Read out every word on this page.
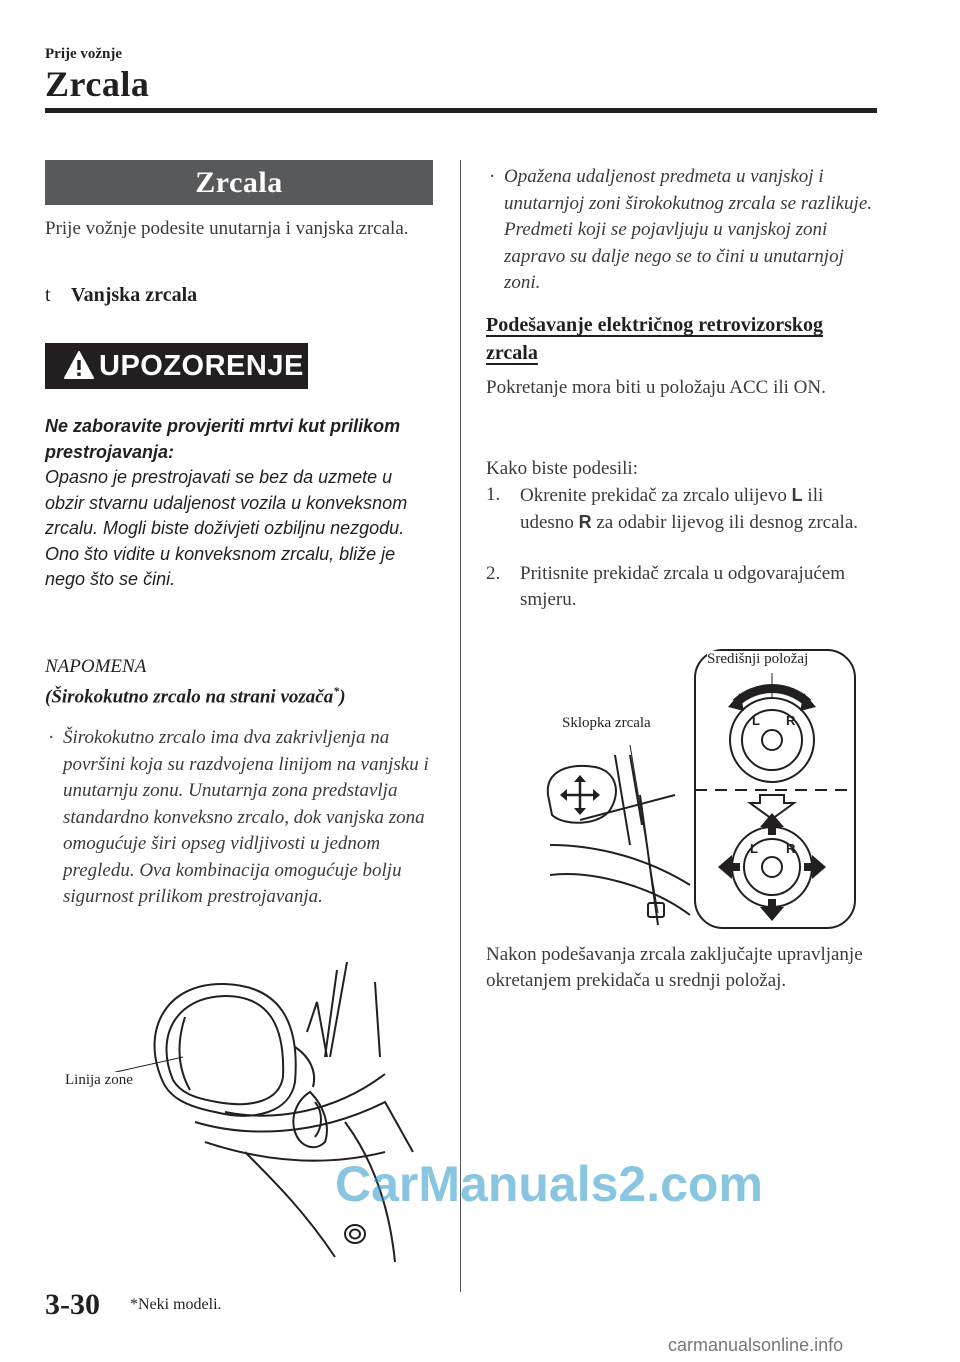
Prije vožnje
Zrcala
Zrcala
Prije vožnje podesite unutarnja i vanjska zrcala.
t Vanjska zrcala
UPOZORENJE
Ne zaboravite provjeriti mrtvi kut prilikom prestrojavanja:
Opasno je prestrojavati se bez da uzmete u obzir stvarnu udaljenost vozila u konveksnom zrcalu. Mogli biste doživjeti ozbiljnu nezgodu. Ono što vidite u konveksnom zrcalu, bliže je nego što se čini.
NAPOMENA
(Širokokutno zrcalo na strani vozača*)
· Širokokutno zrcalo ima dva zakrivljenja na površini koja su razdvojena linijom na vanjsku i unutarnju zonu. Unutarnja zona predstavlja standardno konveksno zrcalo, dok vanjska zona omogućuje širi opseg vidljivosti u jednom pregledu. Ova kombinacija omogućuje bolju sigurnost prilikom prestrojavanja.
Linija zone
· Opažena udaljenost predmeta u vanjskoj i unutarnjoj zoni širokokutnog zrcala se razlikuje. Predmeti koji se pojavljuju u vanjskoj zoni zapravo su dalje nego se to čini u unutarnjoj zoni.
Podešavanje električnog retrovizorskog zrcala
Pokretanje mora biti u položaju ACC ili ON.
Kako biste podesili:
1. Okrenite prekidač za zrcalo ulijevo L ili udesno R za odabir lijevog ili desnog zrcala.
2. Pritisnite prekidač zrcala u odgovarajućem smjeru.
Nakon podešavanja zrcala zaključajte upravljanje okretanjem prekidača u srednji položaj.
L R
L R
Središnji položaj
Sklopka zrcala
3-30 *Neki modeli.
CarManuals2.com
carmanualsonline.info
